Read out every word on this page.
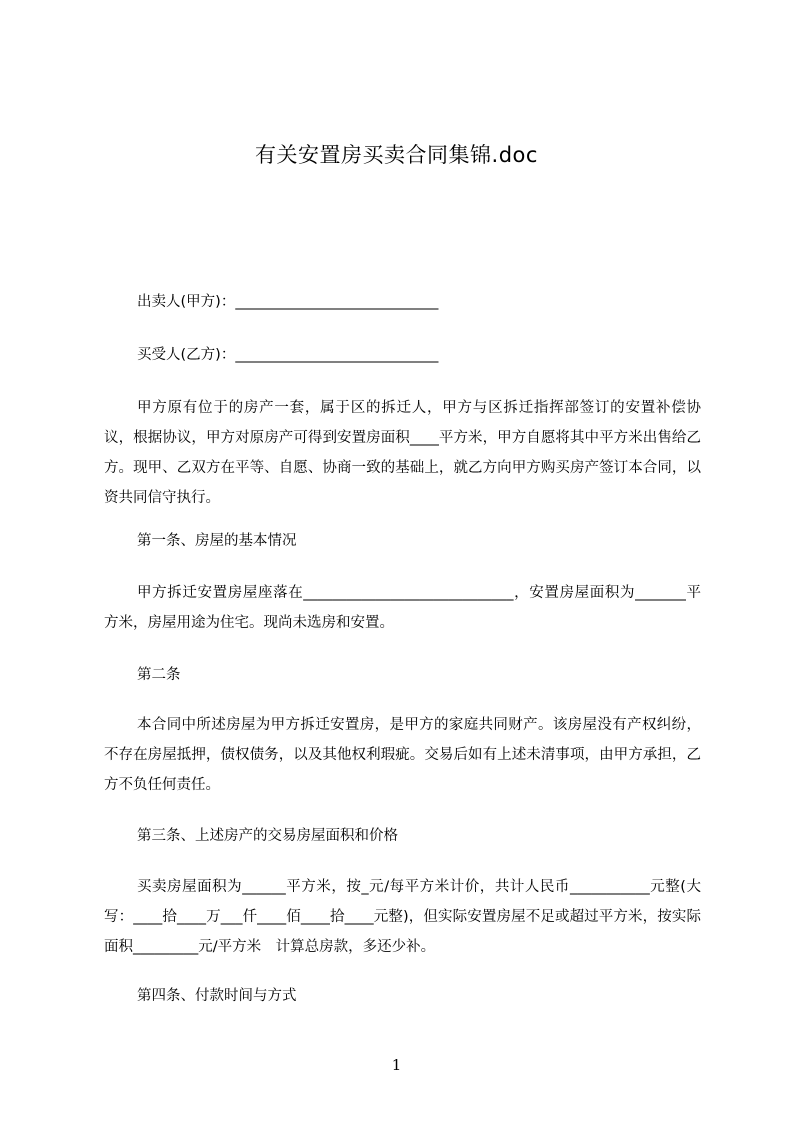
有关安置房买卖合同集锦.doc
出卖人(甲方)：____________________________
买受人(乙方)：____________________________
甲方原有位于的房产一套，属于区的拆迁人，甲方与区拆迁指挥部签订的安置补偿协议，根据协议，甲方对原房产可得到安置房面积____平方米，甲方自愿将其中平方米出售给乙方。现甲、乙双方在平等、自愿、协商一致的基础上，就乙方向甲方购买房产签订本合同，以资共同信守执行。
第一条、房屋的基本情况
甲方拆迁安置房屋座落在_____________________________，安置房屋面积为_______平方米，房屋用途为住宅。现尚未选房和安置。
第二条
本合同中所述房屋为甲方拆迁安置房，是甲方的家庭共同财产。该房屋没有产权纠纷，不存在房屋抵押，债权债务，以及其他权利瑕疵。交易后如有上述未清事项，由甲方承担，乙方不负任何责任。
第三条、上述房产的交易房屋面积和价格
买卖房屋面积为______平方米，按_元/每平方米计价，共计人民币___________元整(大写：____拾____万___仟____佰____拾____元整)，但实际安置房屋不足或超过平方米，按实际面积_________元/平方米　计算总房款，多还少补。
第四条、付款时间与方式
1
